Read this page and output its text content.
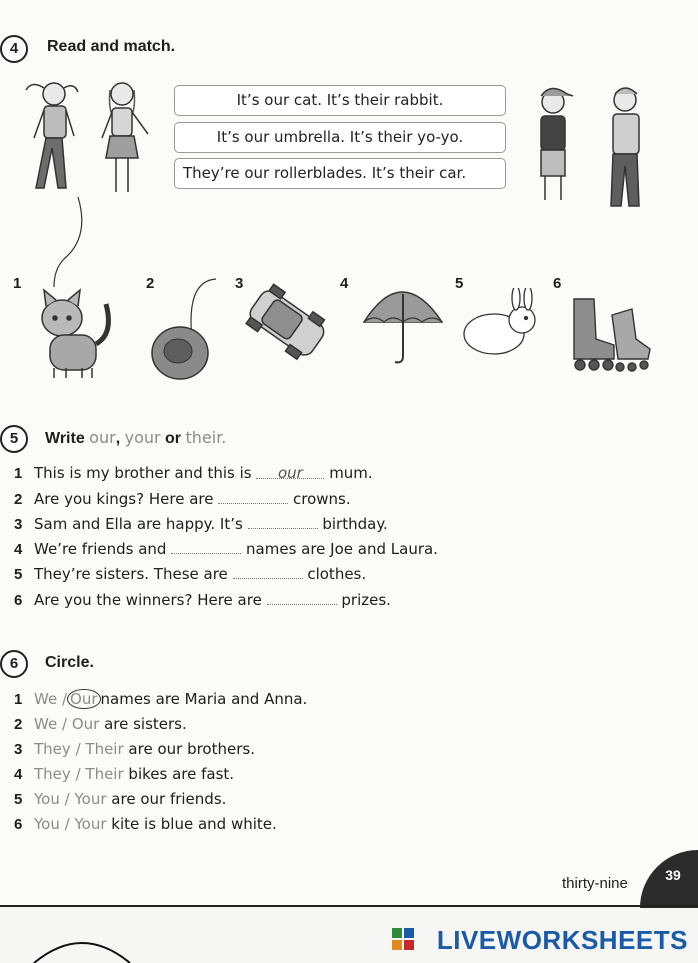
4	Read and match.
It’s our cat. It’s their rabbit.
It’s our umbrella. It’s their yo-yo.
They’re our rollerblades. It’s their car.
1	2	3	4	5	6
5	Write our, your or their.
1 This is my brother and this is our mum.
2 Are you kings? Here are	crowns.
3 Sam and Ella are happy. It’s	birthday.
4 We’re friends and	names are Joe and Laura.
5 They’re sisters. These are	clothes.
6 Are you the winners? Here are	prizes.
6	Circle.
1 We / Our names are Maria and Anna.
2 We / Our are sisters.
3 They / Their are our brothers.
4 They / Their bikes are fast.
5 You / Your are our friends.
6 You / Your kite is blue and white.
thirty-nine	39
LIVEWORKSHEETS
